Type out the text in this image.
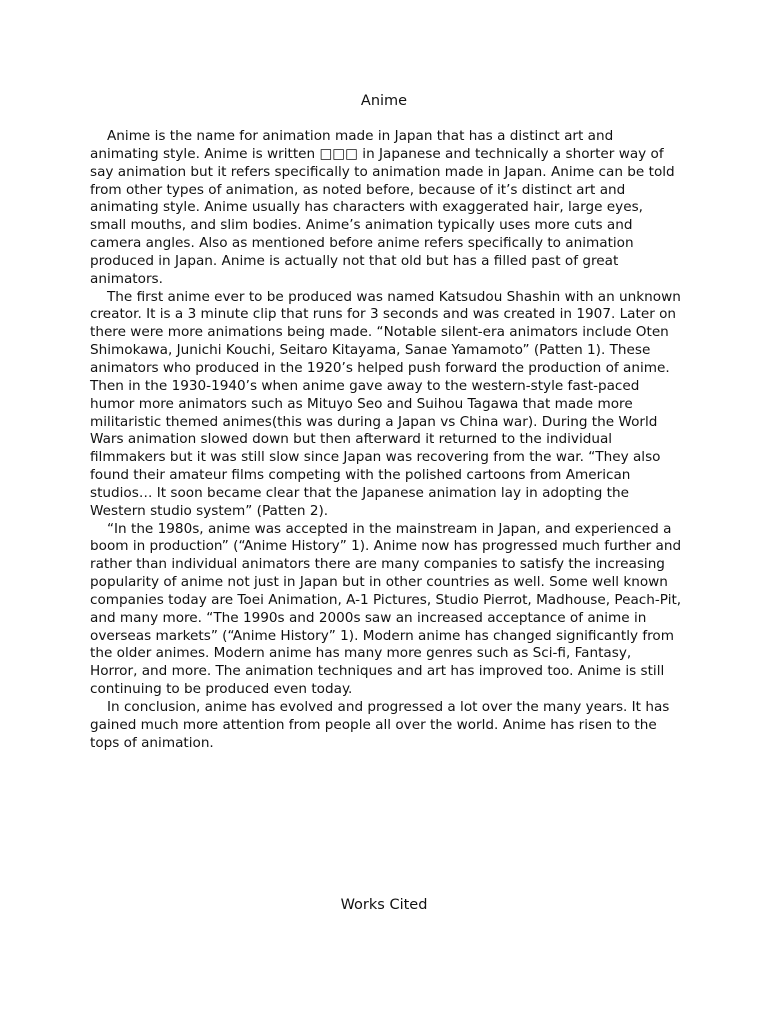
Anime

Anime is the name for animation made in Japan that has a distinct art and animating style. Anime is written □□□ in Japanese and technically a shorter way of say animation but it refers specifically to animation made in Japan. Anime can be told from other types of animation, as noted before, because of it’s distinct art and animating style. Anime usually has characters with exaggerated hair, large eyes, small mouths, and slim bodies. Anime’s animation typically uses more cuts and camera angles. Also as mentioned before anime refers specifically to animation produced in Japan. Anime is actually not that old but has a filled past of great animators.

The first anime ever to be produced was named Katsudou Shashin with an unknown creator. It is a 3 minute clip that runs for 3 seconds and was created in 1907. Later on there were more animations being made. “Notable silent-era animators include Oten Shimokawa, Junichi Kouchi, Seitaro Kitayama, Sanae Yamamoto” (Patten 1). These animators who produced in the 1920’s helped push forward the production of anime. Then in the 1930-1940’s when anime gave away to the western-style fast-paced humor more animators such as Mituyo Seo and Suihou Tagawa that made more militaristic themed animes(this was during a Japan vs China war). During the World Wars animation slowed down but then afterward it returned to the individual filmmakers but it was still slow since Japan was recovering from the war. “They also found their amateur films competing with the polished cartoons from American studios… It soon became clear that the Japanese animation lay in adopting the Western studio system” (Patten 2).

“In the 1980s, anime was accepted in the mainstream in Japan, and experienced a boom in production” (“Anime History” 1). Anime now has progressed much further and rather than individual animators there are many companies to satisfy the increasing popularity of anime not just in Japan but in other countries as well. Some well known companies today are Toei Animation, A-1 Pictures, Studio Pierrot, Madhouse, Peach-Pit, and many more. “The 1990s and 2000s saw an increased acceptance of anime in overseas markets” (“Anime History” 1). Modern anime has changed significantly from the older animes. Modern anime has many more genres such as Sci-fi, Fantasy, Horror, and more. The animation techniques and art has improved too. Anime is still continuing to be produced even today.

In conclusion, anime has evolved and progressed a lot over the many years. It has gained much more attention from people all over the world. Anime has risen to the tops of animation.

Works Cited
